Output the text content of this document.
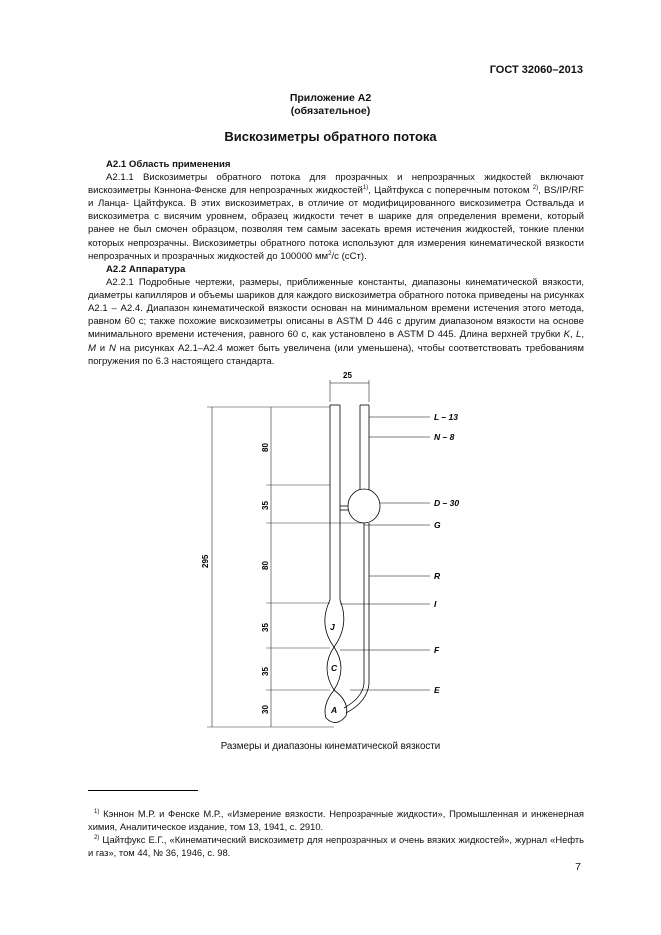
ГОСТ 32060–2013
Приложение А2
(обязательное)
Вискозиметры обратного потока
А2.1 Область применения
А2.1.1 Вискозиметры обратного потока для прозрачных и непрозрачных жидкостей включают вискозиметры Кэннона-Фенске для непрозрачных жидкостей$^{1)}$, Цайтфукса с поперечным потоком $^{2)}$, BS/IP/RF и Ланца- Цайтфукса. В этих вискозиметрах, в отличие от модифицированного вискозиметра Оствальда и вискозиметра с висячим уровнем, образец жидкости течет в шарике для определения времени, который ранее не был смочен образцом, позволяя тем самым засекать время истечения жидкостей, тонкие пленки которых непрозрачны. Вискозиметры обратного потока используют для измерения кинематической вязкости непрозрачных и прозрачных жидкостей до 100000 $мм^2/с$ (сСт).
А2.2 Аппаратура
А2.2.1 Подробные чертежи, размеры, приближенные константы, диапазоны кинематической вязкости, диаметры капилляров и объемы шариков для каждого вискозиметра обратного потока приведены на рисунках А2.1 – А2.4. Диапазон кинематической вязкости основан на минимальном времени истечения этого метода, равном 60 с; также похожие вискозиметры описаны в ASTM D 446 с другим диапазоном вязкости на основе минимального времени истечения, равного 60 с, как установлено в ASTM D 445. Длина верхней трубки K, L, M и N на рисунках А2.1–А2.4 может быть увеличена (или уменьшена), чтобы соответствовать требованиям погружения по 6.3 настоящего стандарта.
25
295
80
35
80
35
35
30
L – 13
N – 8
D – 30
G
R
I
F
E
J
C
A
Размеры и диапазоны кинематической вязкости
$^{1)}$ Кэннон М.Р. и Фенске М.Р., «Измерение вязкости. Непрозрачные жидкости», Промышленная и инженерная химия, Аналитическое издание, том 13, 1941, с. 2910.
$^{2)}$ Цайтфукс Е.Г., «Кинематический вискозиметр для непрозрачных и очень вязких жидкостей», журнал «Нефть и газ», том 44, № 36, 1946, с. 98.
7
